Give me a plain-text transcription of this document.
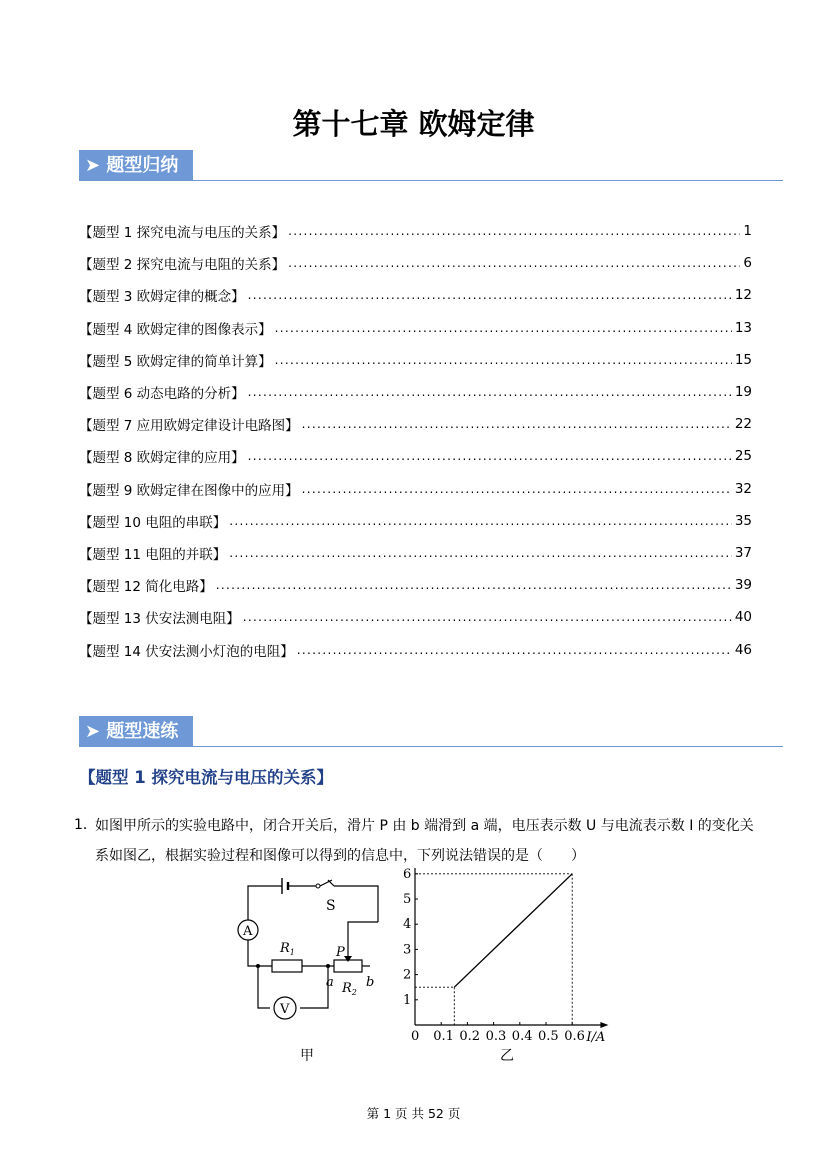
第十七章 欧姆定律
➤ 题型归纳
【题型 1 探究电流与电压的关系】 .....	1
【题型 2 探究电流与电阻的关系】 .....	6
【题型 3 欧姆定律的概念】 .....	12
【题型 4 欧姆定律的图像表示】 .....	13
【题型 5 欧姆定律的简单计算】 .....	15
【题型 6 动态电路的分析】 .....	19
【题型 7 应用欧姆定律设计电路图】 .....	22
【题型 8 欧姆定律的应用】 .....	25
【题型 9 欧姆定律在图像中的应用】 .....	32
【题型 10 电阻的串联】 .....	35
【题型 11 电阻的并联】 .....	37
【题型 12 简化电路】 .....	39
【题型 13 伏安法测电阻】 .....	40
【题型 14 伏安法测小灯泡的电阻】 .....	46
➤ 题型速练
【题型 1 探究电流与电压的关系】
1．
如图甲所示的实验电路中，闭合开关后，滑片 P 由 b 端滑到 a 端，电压表示数 U 与电流表示数 I 的变化关系如图乙，根据实验过程和图像可以得到的信息中，下列说法错误的是（　　）
S
A
$R_1$	P
a b
$R_2$
V
甲
0.1 0.2 0.3 0.4 0.5 0.6
1
2
3
4
5
6
0	I/A
乙
第 1 页 共 52 页
